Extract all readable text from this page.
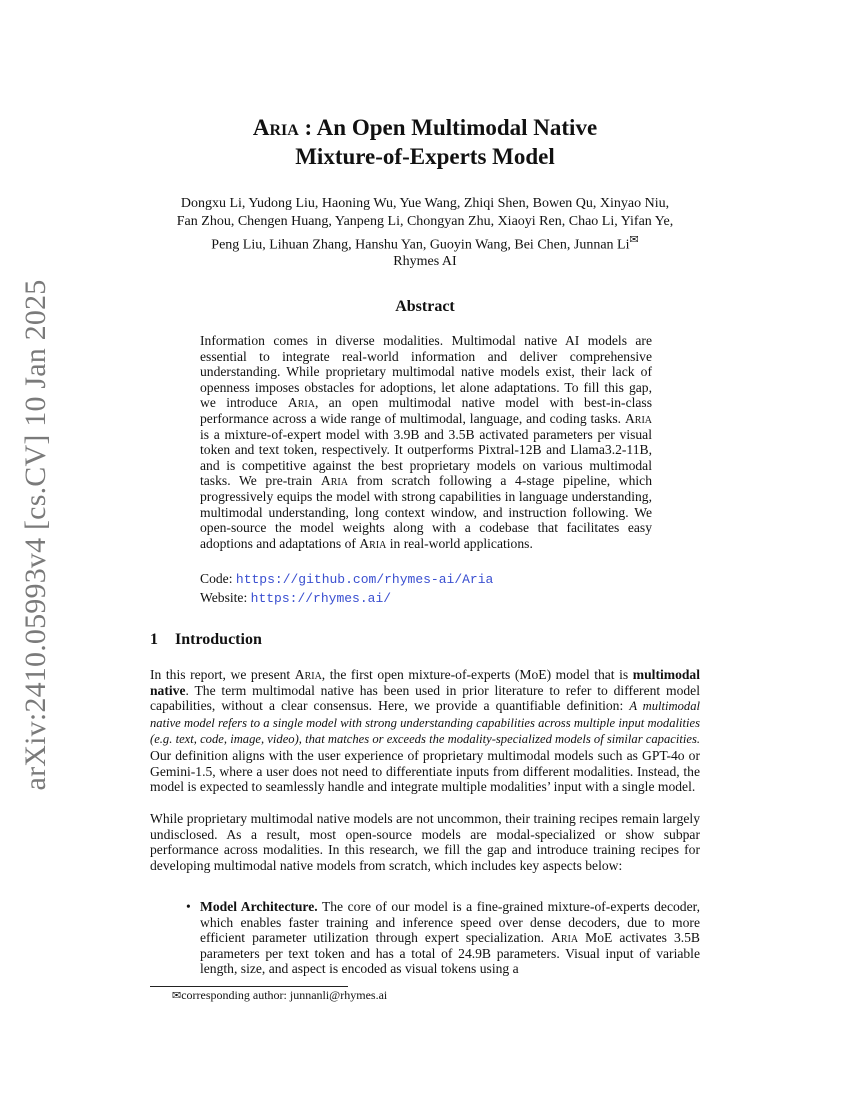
arXiv:2410.05993v4 [cs.CV] 10 Jan 2025
Aria : An Open Multimodal Native
Mixture-of-Experts Model
Dongxu Li, Yudong Liu, Haoning Wu, Yue Wang, Zhiqi Shen, Bowen Qu, Xinyao Niu,
Fan Zhou, Chengen Huang, Yanpeng Li, Chongyan Zhu, Xiaoyi Ren, Chao Li, Yifan Ye,
Peng Liu, Lihuan Zhang, Hanshu Yan, Guoyin Wang, Bei Chen, Junnan Li✉
Rhymes AI
Abstract
Information comes in diverse modalities. Multimodal native AI models are essential to integrate real-world information and deliver comprehensive understanding. While proprietary multimodal native models exist, their lack of openness imposes obstacles for adoptions, let alone adaptations. To fill this gap, we introduce Aria, an open multimodal native model with best-in-class performance across a wide range of multimodal, language, and coding tasks. Aria is a mixture-of-expert model with 3.9B and 3.5B activated parameters per visual token and text token, respectively. It outperforms Pixtral-12B and Llama3.2-11B, and is competitive against the best proprietary models on various multimodal tasks. We pre-train Aria from scratch following a 4-stage pipeline, which progressively equips the model with strong capabilities in language understanding, multimodal understanding, long context window, and instruction following. We open-source the model weights along with a codebase that facilitates easy adoptions and adaptations of Aria in real-world applications.
Code: https://github.com/rhymes-ai/Aria
Website: https://rhymes.ai/
1 Introduction
In this report, we present Aria, the first open mixture-of-experts (MoE) model that is multimodal native. The term multimodal native has been used in prior literature to refer to different model capabilities, without a clear consensus. Here, we provide a quantifiable definition: A multimodal native model refers to a single model with strong understanding capabilities across multiple input modalities (e.g. text, code, image, video), that matches or exceeds the modality-specialized models of similar capacities. Our definition aligns with the user experience of proprietary multimodal models such as GPT-4o or Gemini-1.5, where a user does not need to differentiate inputs from different modalities. Instead, the model is expected to seamlessly handle and integrate multiple modalities’ input with a single model.
While proprietary multimodal native models are not uncommon, their training recipes remain largely undisclosed. As a result, most open-source models are modal-specialized or show subpar performance across modalities. In this research, we fill the gap and introduce training recipes for developing multimodal native models from scratch, which includes key aspects below:
• Model Architecture. The core of our model is a fine-grained mixture-of-experts decoder, which enables faster training and inference speed over dense decoders, due to more efficient parameter utilization through expert specialization. Aria MoE activates 3.5B parameters per text token and has a total of 24.9B parameters. Visual input of variable length, size, and aspect is encoded as visual tokens using a
✉corresponding author: junnanli@rhymes.ai
